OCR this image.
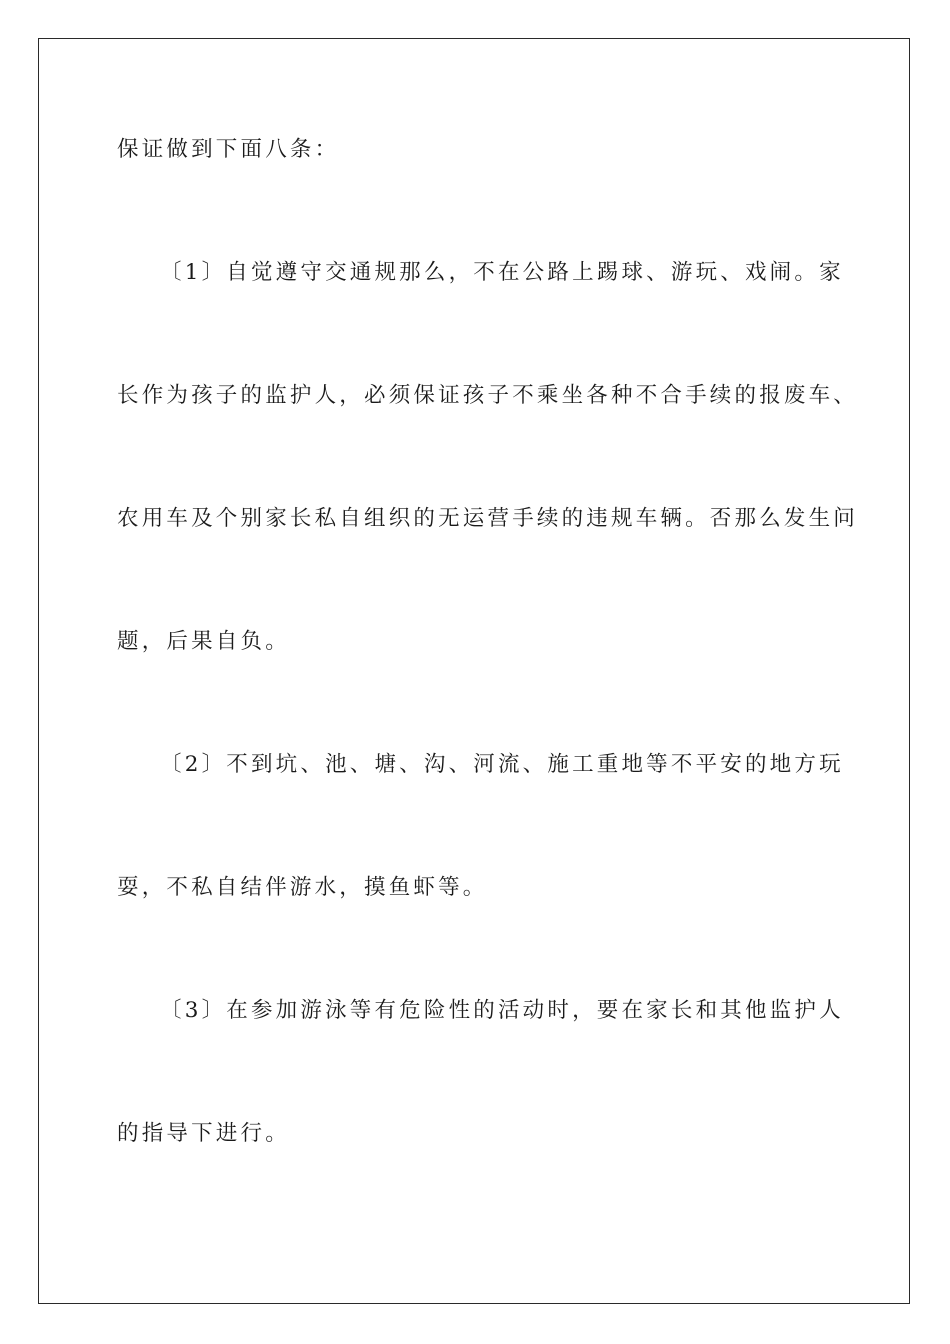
保证做到下面八条：
〔1〕自觉遵守交通规那么，不在公路上踢球、游玩、戏闹。家
长作为孩子的监护人，必须保证孩子不乘坐各种不合手续的报废车、
农用车及个别家长私自组织的无运营手续的违规车辆。否那么发生问
题，后果自负。
〔2〕不到坑、池、塘、沟、河流、施工重地等不平安的地方玩
耍，不私自结伴游水，摸鱼虾等。
〔3〕在参加游泳等有危险性的活动时，要在家长和其他监护人
的指导下进行。
